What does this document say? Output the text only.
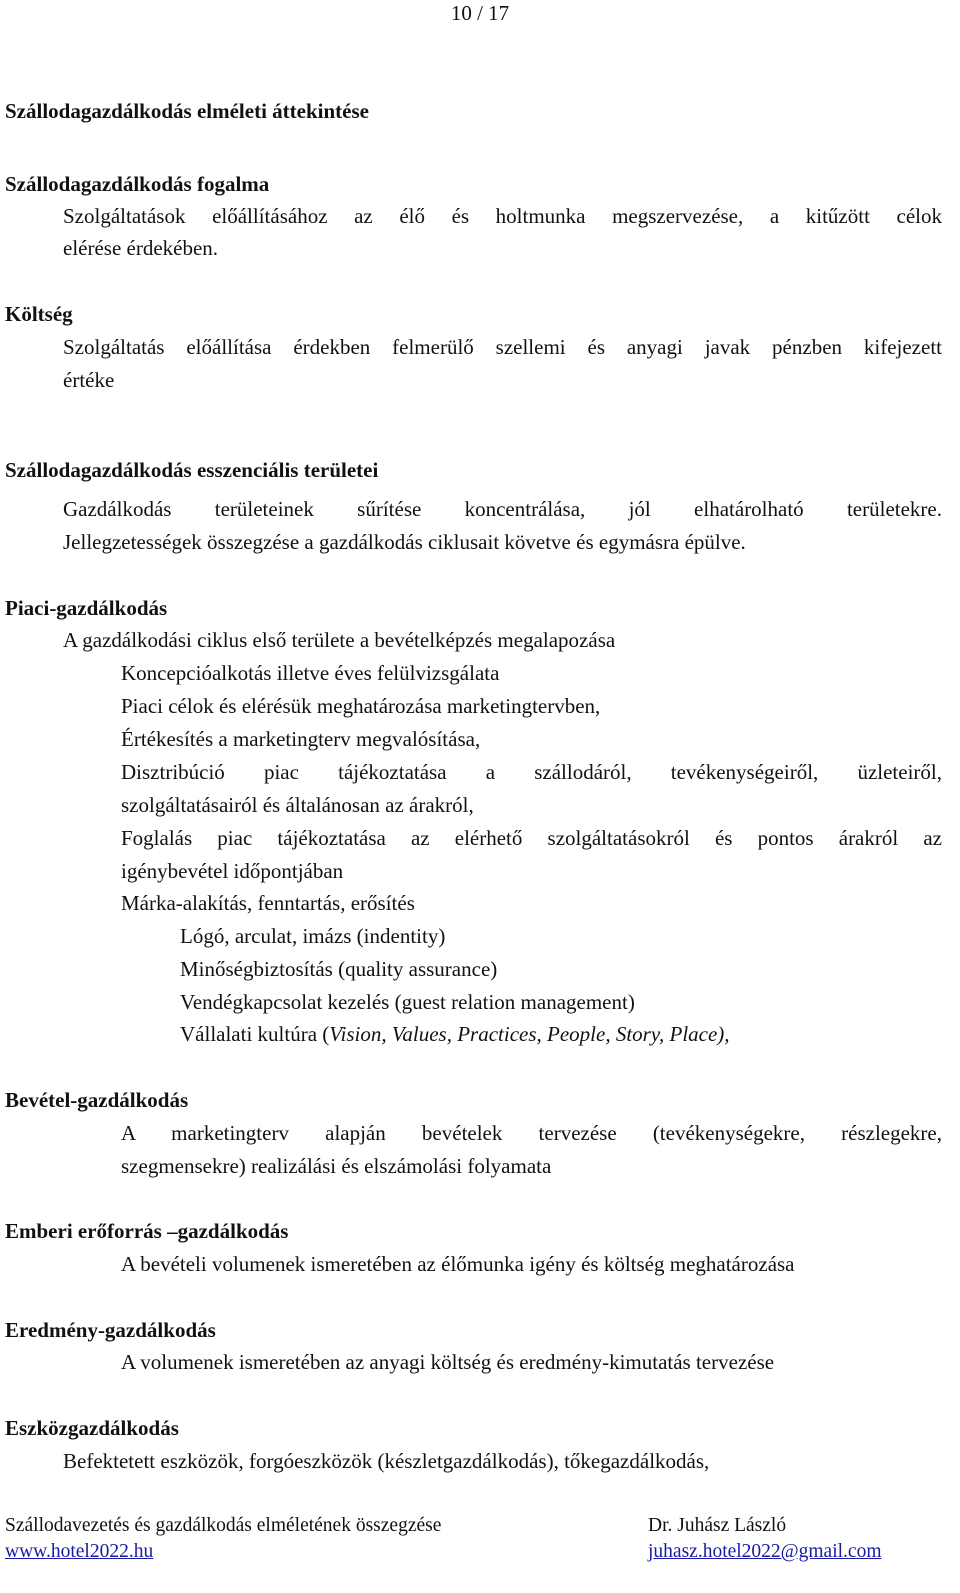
10 / 17
Szállodagazdálkodás elméleti áttekintése
Szállodagazdálkodás fogalma
Szolgáltatások előállításához az élő és holtmunka megszervezése, a kitűzött célok
elérése érdekében.
Költség
Szolgáltatás előállítása érdekben felmerülő szellemi és anyagi javak pénzben kifejezett
értéke
Szállodagazdálkodás esszenciális területei
Gazdálkodás területeinek sűrítése koncentrálása, jól elhatárolható területekre.
Jellegzetességek összegzése a gazdálkodás ciklusait követve és egymásra épülve.
Piaci-gazdálkodás
A gazdálkodási ciklus első területe a bevételképzés megalapozása
Koncepcióalkotás illetve éves felülvizsgálata
Piaci célok és elérésük meghatározása marketingtervben,
Értékesítés a marketingterv megvalósítása,
Disztribúció piac tájékoztatása a szállodáról, tevékenységeiről, üzleteiről,
szolgáltatásairól és általánosan az árakról,
Foglalás piac tájékoztatása az elérhető szolgáltatásokról és pontos árakról az
igénybevétel időpontjában
Márka-alakítás, fenntartás, erősítés
Lógó, arculat, imázs (indentity)
Minőségbiztosítás (quality assurance)
Vendégkapcsolat kezelés (guest relation management)
Vállalati kultúra (Vision, Values, Practices, People, Story, Place),
Bevétel-gazdálkodás
A marketingterv alapján bevételek tervezése (tevékenységekre, részlegekre,
szegmensekre) realizálási és elszámolási folyamata
Emberi erőforrás –gazdálkodás
A bevételi volumenek ismeretében az élőmunka igény és költség meghatározása
Eredmény-gazdálkodás
A volumenek ismeretében az anyagi költség és eredmény-kimutatás tervezése
Eszközgazdálkodás
Befektetett eszközök, forgóeszközök (készletgazdálkodás), tőkegazdálkodás,
Szállodavezetés és gazdálkodás elméletének összegzése
www.hotel2022.hu
Dr. Juhász László
juhasz.hotel2022@gmail.com
